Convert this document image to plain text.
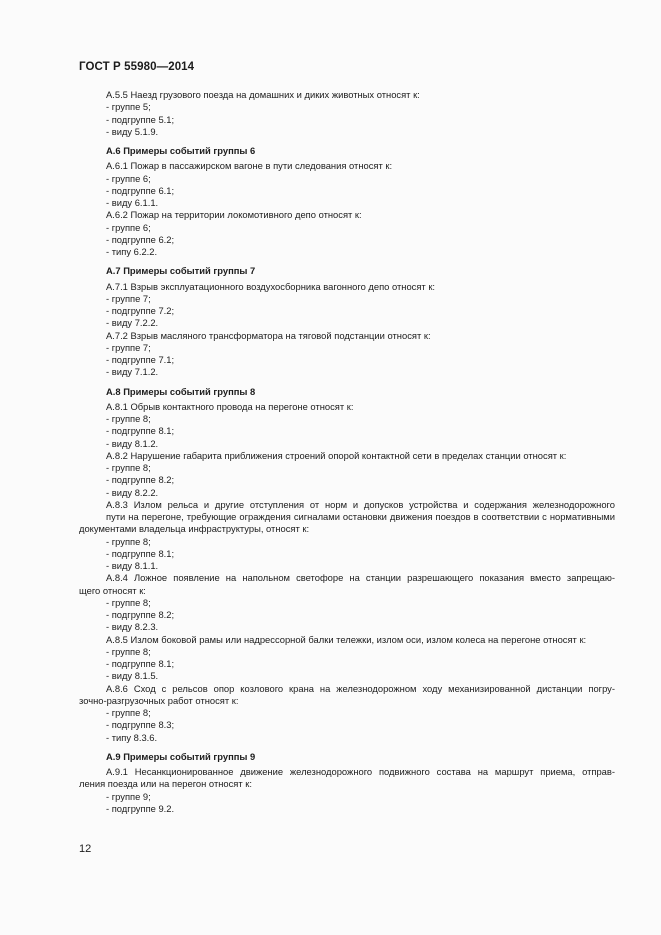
ГОСТ Р 55980—2014
А.5.5 Наезд грузового поезда на домашних и диких животных относят к:
- группе 5;
- подгруппе 5.1;
- виду 5.1.9.
А.6 Примеры событий группы 6
А.6.1 Пожар в пассажирском вагоне в пути следования относят к:
- группе 6;
- подгруппе 6.1;
- виду 6.1.1.
А.6.2 Пожар на территории локомотивного депо относят к:
- группе 6;
- подгруппе 6.2;
- типу 6.2.2.
А.7 Примеры событий группы 7
А.7.1 Взрыв эксплуатационного воздухосборника вагонного депо относят к:
- группе 7;
- подгруппе 7.2;
- виду 7.2.2.
А.7.2 Взрыв масляного трансформатора на тяговой подстанции относят к:
- группе 7;
- подгруппе 7.1;
- виду 7.1.2.
А.8 Примеры событий группы 8
А.8.1 Обрыв контактного провода на перегоне относят к:
- группе 8;
- подгруппе 8.1;
- виду 8.1.2.
А.8.2 Нарушение габарита приближения строений опорой контактной сети в пределах станции относят к:
- группе 8;
- подгруппе 8.2;
- виду 8.2.2.
А.8.3 Излом рельса и другие отступления от норм и допусков устройства и содержания железнодорожного
пути на перегоне, требующие ограждения сигналами остановки движения поездов в соответствии с нормативными
документами владельца инфраструктуры, относят к:
- группе 8;
- подгруппе 8.1;
- виду 8.1.1.
А.8.4 Ложное появление на напольном светофоре на станции разрешающего показания вместо запрещаю-
щего относят к:
- группе 8;
- подгруппе 8.2;
- виду 8.2.3.
А.8.5 Излом боковой рамы или надрессорной балки тележки, излом оси, излом колеса на перегоне относят к:
- группе 8;
- подгруппе 8.1;
- виду 8.1.5.
А.8.6 Сход с рельсов опор козлового крана на железнодорожном ходу механизированной дистанции погру-
зочно-разгрузочных работ относят к:
- группе 8;
- подгруппе 8.3;
- типу 8.3.6.
А.9 Примеры событий группы 9
А.9.1 Несанкционированное движение железнодорожного подвижного состава на маршрут приема, отправ-
ления поезда или на перегон относят к:
- группе 9;
- подгруппе 9.2.
12
